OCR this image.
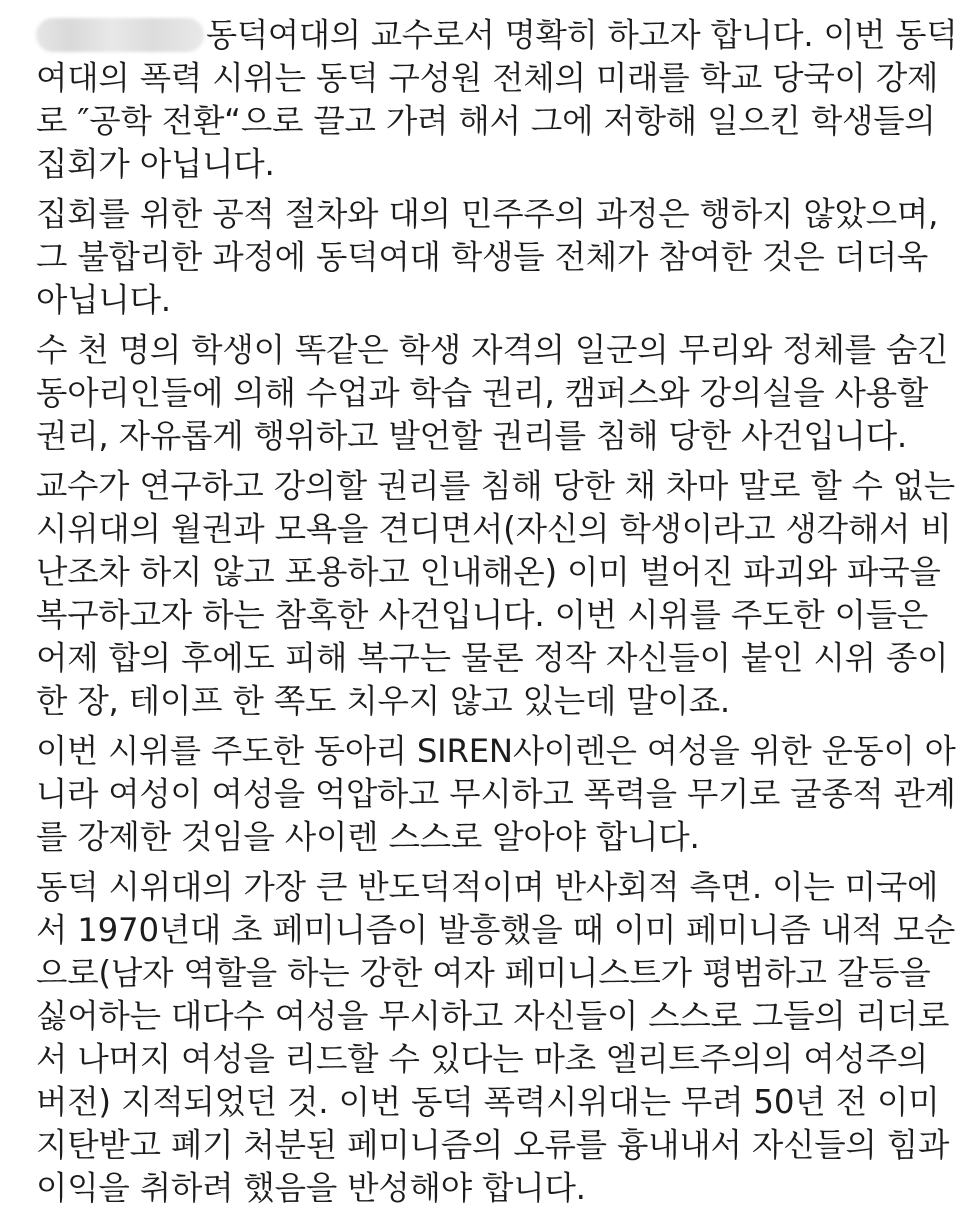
동덕여대의 교수로서 명확히 하고자 합니다. 이번 동덕
여대의 폭력 시위는 동덕 구성원 전체의 미래를 학교 당국이 강제
로 ″공학 전환“으로 끌고 가려 해서 그에 저항해 일으킨 학생들의
집회가 아닙니다.

집회를 위한 공적 절차와 대의 민주주의 과정은 행하지 않았으며,
그 불합리한 과정에 동덕여대 학생들 전체가 참여한 것은 더더욱
아닙니다.

수 천 명의 학생이 똑같은 학생 자격의 일군의 무리와 정체를 숨긴
동아리인들에 의해 수업과 학습 권리, 캠퍼스와 강의실을 사용할
권리, 자유롭게 행위하고 발언할 권리를 침해 당한 사건입니다.

교수가 연구하고 강의할 권리를 침해 당한 채 차마 말로 할 수 없는
시위대의 월권과 모욕을 견디면서(자신의 학생이라고 생각해서 비
난조차 하지 않고 포용하고 인내해온) 이미 벌어진 파괴와 파국을
복구하고자 하는 참혹한 사건입니다. 이번 시위를 주도한 이들은
어제 합의 후에도 피해 복구는 물론 정작 자신들이 붙인 시위 종이
한 장, 테이프 한 쪽도 치우지 않고 있는데 말이죠.

이번 시위를 주도한 동아리 SIREN사이렌은 여성을 위한 운동이 아
니라 여성이 여성을 억압하고 무시하고 폭력을 무기로 굴종적 관계
를 강제한 것임을 사이렌 스스로 알아야 합니다.

동덕 시위대의 가장 큰 반도덕적이며 반사회적 측면. 이는 미국에
서 1970년대 초 페미니즘이 발흥했을 때 이미 페미니즘 내적 모순
으로(남자 역할을 하는 강한 여자 페미니스트가 평범하고 갈등을
싫어하는 대다수 여성을 무시하고 자신들이 스스로 그들의 리더로
서 나머지 여성을 리드할 수 있다는 마초 엘리트주의의 여성주의
버전) 지적되었던 것. 이번 동덕 폭력시위대는 무려 50년 전 이미
지탄받고 폐기 처분된 페미니즘의 오류를 흉내내서 자신들의 힘과
이익을 취하려 했음을 반성해야 합니다.
